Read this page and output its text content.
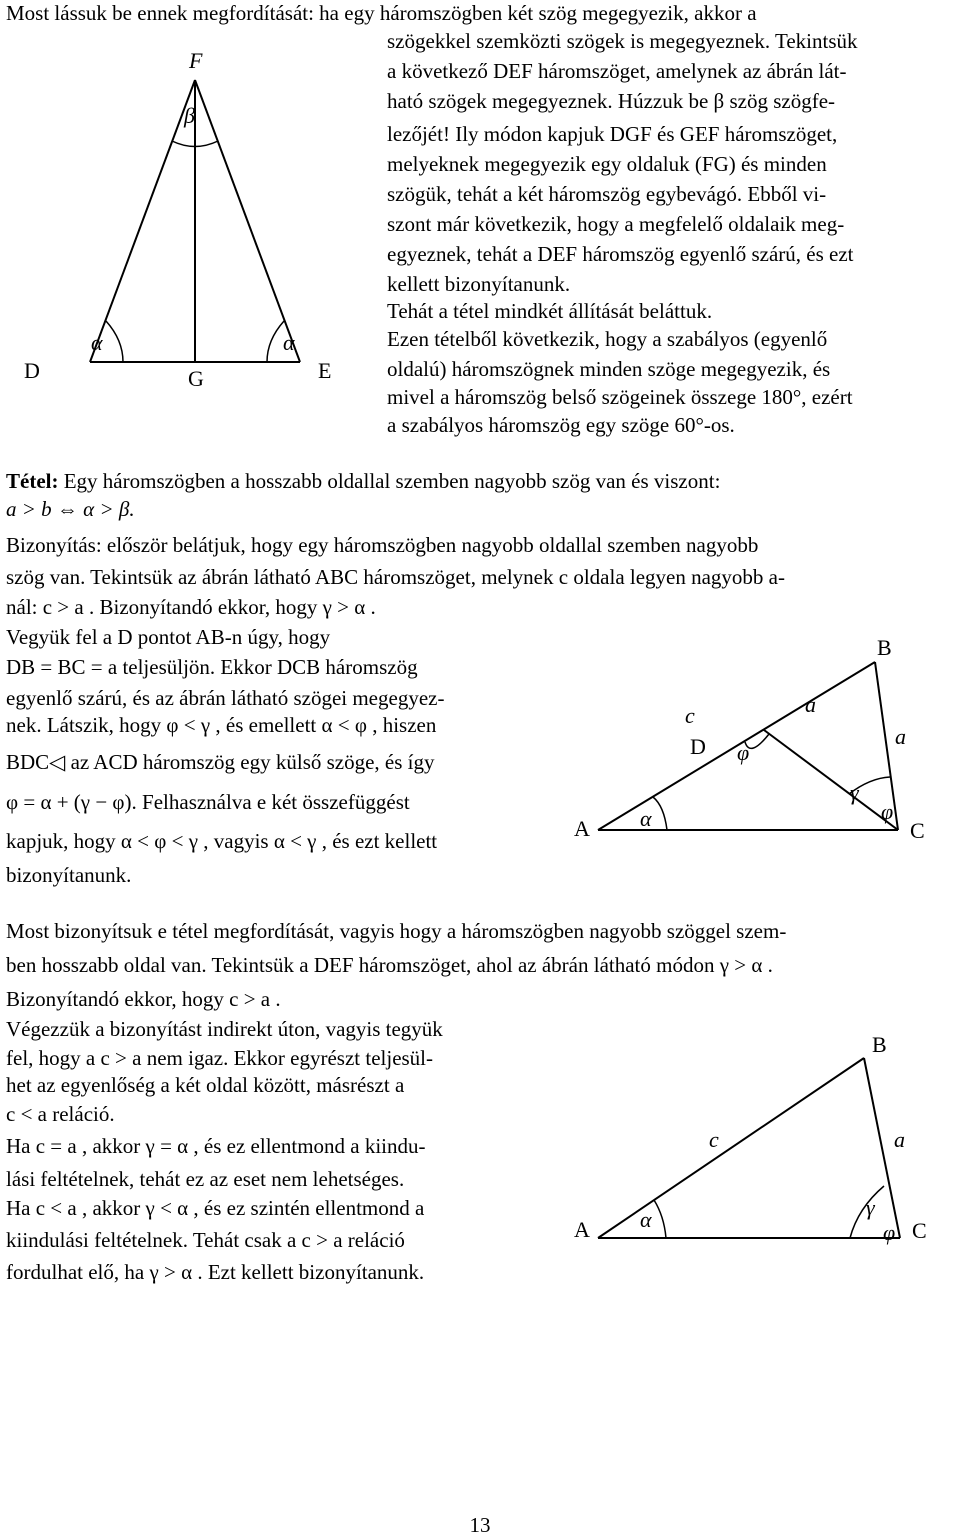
Most lássuk be ennek megfordítását: ha egy háromszögben két szög megegyezik, akkor a
szögekkel szemközti szögek is megegyeznek. Tekintsük
a következő DEF háromszöget, amelynek az ábrán lát-
ható szögek megegyeznek. Húzzuk be β szög szögfe-
lezőjét! Ily módon kapjuk DGF és GEF háromszöget,
melyeknek megegyezik egy oldaluk (FG) és minden
szögük, tehát a két háromszög egybevágó. Ebből vi-
szont már következik, hogy a megfelelő oldalaik meg-
egyeznek, tehát a DEF háromszög egyenlő szárú, és ezt
kellett bizonyítanunk.
Tehát a tétel mindkét állítását beláttuk.
Ezen tételből következik, hogy a szabályos (egyenlő
oldalú) háromszögnek minden szöge megegyezik, és
mivel a háromszög belső szögeinek összege 180°, ezért
a szabályos háromszög egy szöge 60°-os.
F
β
α	α
D	G	E
Tétel: Egy háromszögben a hosszabb oldallal szemben nagyobb szög van és viszont:
a > b ⇔ α > β.
Bizonyítás: először belátjuk, hogy egy háromszögben nagyobb oldallal szemben nagyobb
szög van. Tekintsük az ábrán látható ABC háromszöget, melynek c oldala legyen nagyobb a-
nál: c > a . Bizonyítandó ekkor, hogy γ > α .
Vegyük fel a D pontot AB-n úgy, hogy
DB = BC = a teljesüljön. Ekkor DCB háromszög
egyenlő szárú, és az ábrán látható szögei megegyez-
nek. Látszik, hogy φ < γ , és emellett α < φ , hiszen
BDC◁ az ACD háromszög egy külső szöge, és így
φ = α + (γ − φ). Felhasználva e két összefüggést
kapjuk, hogy α < φ < γ , vagyis α < γ , és ezt kellett
bizonyítanunk.
B
a
c
a
D φ
γ
φ
α
A	C
Most bizonyítsuk e tétel megfordítását, vagyis hogy a háromszögben nagyobb szöggel szem-
ben hosszabb oldal van. Tekintsük a DEF háromszöget, ahol az ábrán látható módon γ > α .
Bizonyítandó ekkor, hogy c > a .
Végezzük a bizonyítást indirekt úton, vagyis tegyük
fel, hogy a c > a nem igaz. Ekkor egyrészt teljesül-
het az egyenlőség a két oldal között, másrészt a
c < a reláció.
Ha c = a , akkor γ = α , és ez ellentmond a kiindu-
lási feltételnek, tehát ez az eset nem lehetséges.
Ha c < a , akkor γ < α , és ez szintén ellentmond a
kiindulási feltételnek. Tehát csak a c > a reláció
fordulhat elő, ha γ > α . Ezt kellett bizonyítanunk.
B
c	a
γ
α
φ
A	C
13
